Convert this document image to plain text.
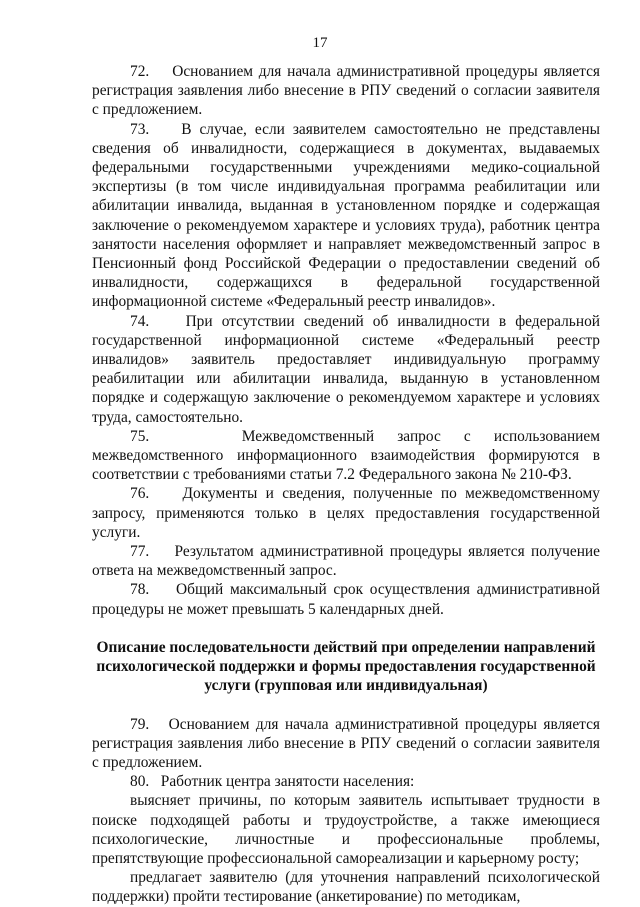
17

72.    Основанием для начала административной процедуры является регистрация заявления либо внесение в РПУ сведений о согласии заявителя с предложением.

73.    В случае, если заявителем самостоятельно не представлены сведения об инвалидности, содержащиеся в документах, выдаваемых федеральными государственными учреждениями медико-социальной экспертизы (в том числе индивидуальная программа реабилитации или абилитации инвалида, выданная в установленном порядке и содержащая заключение о рекомендуемом характере и условиях труда), работник центра занятости населения оформляет и направляет межведомственный запрос в Пенсионный фонд Российской Федерации о предоставлении сведений об инвалидности, содержащихся в федеральной государственной информационной системе «Федеральный реестр инвалидов».

74.    При отсутствии сведений об инвалидности в федеральной государственной информационной системе «Федеральный реестр инвалидов» заявитель предоставляет индивидуальную программу реабилитации или абилитации инвалида, выданную в установленном порядке и содержащую заключение о рекомендуемом характере и условиях труда, самостоятельно.

75.    Межведомственный запрос с использованием межведомственного информационного взаимодействия формируются в соответствии с требованиями статьи 7.2 Федерального закона № 210-ФЗ.

76.    Документы и сведения, полученные по межведомственному запросу, применяются только в целях предоставления государственной услуги.

77.    Результатом административной процедуры является получение ответа на межведомственный запрос.

78.    Общий максимальный срок осуществления административной процедуры не может превышать 5 календарных дней.

Описание последовательности действий при определении направлений психологической поддержки и формы предоставления государственной услуги (групповая или индивидуальная)

79.   Основанием для начала административной процедуры является регистрация заявления либо внесение в РПУ сведений о согласии заявителя с предложением.

80.   Работник центра занятости населения:

выясняет причины, по которым заявитель испытывает трудности в поиске подходящей работы и трудоустройстве, а также имеющиеся психологические, личностные и профессиональные проблемы, препятствующие профессиональной самореализации и карьерному росту;

предлагает заявителю (для уточнения направлений психологической поддержки) пройти тестирование (анкетирование) по методикам,
